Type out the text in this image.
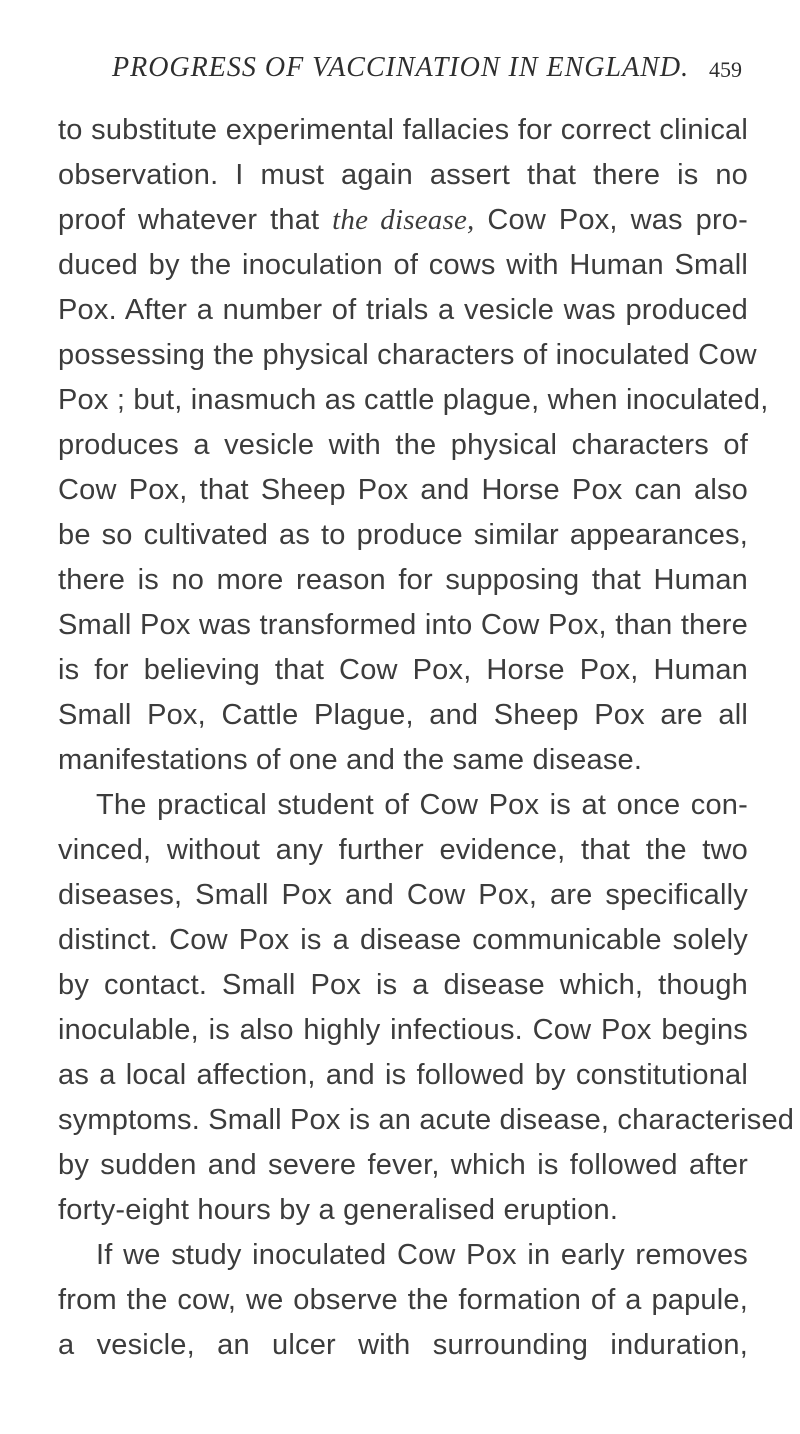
PROGRESS OF VACCINATION IN ENGLAND. 459
to substitute experimental fallacies for correct clinical
observation. I must again assert that there is no
proof whatever that the disease, Cow Pox, was pro-
duced by the inoculation of cows with Human Small
Pox. After a number of trials a vesicle was produced
possessing the physical characters of inoculated Cow
Pox ; but, inasmuch as cattle plague, when inoculated,
produces a vesicle with the physical characters of
Cow Pox, that Sheep Pox and Horse Pox can also
be so cultivated as to produce similar appearances,
there is no more reason for supposing that Human
Small Pox was transformed into Cow Pox, than there
is for believing that Cow Pox, Horse Pox, Human
Small Pox, Cattle Plague, and Sheep Pox are all
manifestations of one and the same disease.
The practical student of Cow Pox is at once con-
vinced, without any further evidence, that the two
diseases, Small Pox and Cow Pox, are specifically
distinct. Cow Pox is a disease communicable solely
by contact. Small Pox is a disease which, though
inoculable, is also highly infectious. Cow Pox begins
as a local affection, and is followed by constitutional
symptoms. Small Pox is an acute disease, characterised
by sudden and severe fever, which is followed after
forty-eight hours by a generalised eruption.
If we study inoculated Cow Pox in early removes
from the cow, we observe the formation of a papule,
a vesicle, an ulcer with surrounding induration,
